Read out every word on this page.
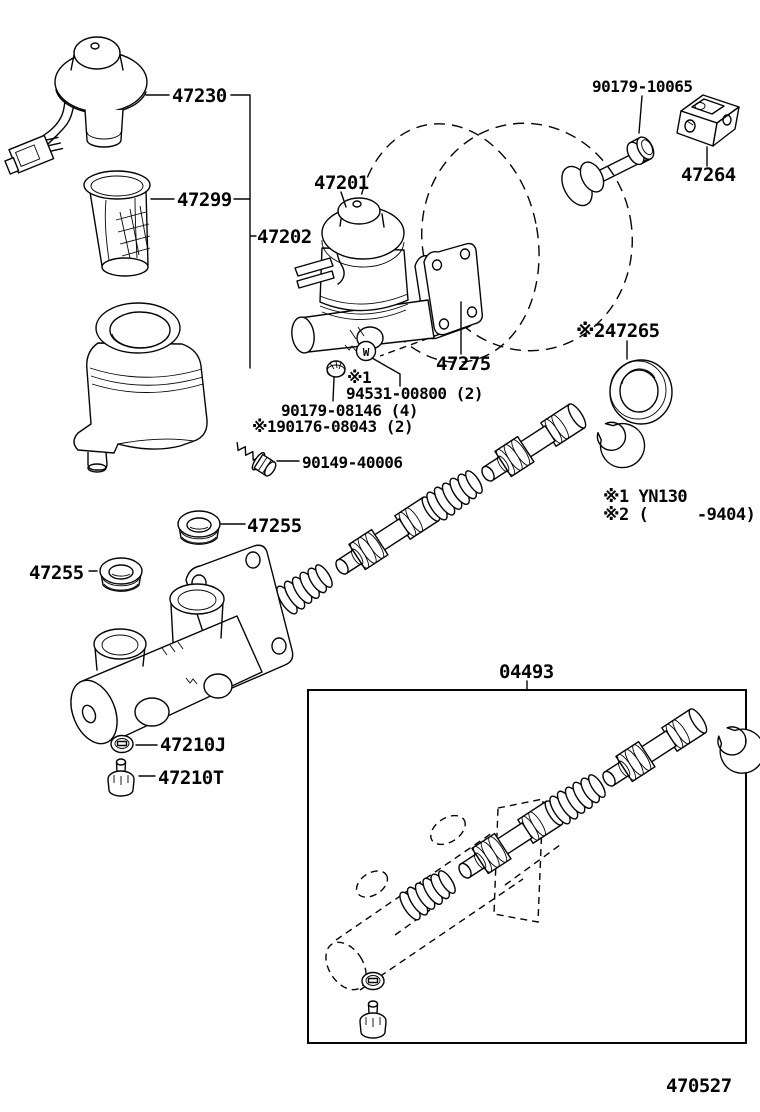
W
47230
47299
47202
47201
90179-10065
47264
※247265
47275
※1
94531-00800 (2)
90179-08146 (4)
※190176-08043 (2)
90149-40006
47255
47255
04493
47210J
47210T
※1 YN130
※2 (     -9404)
470527
